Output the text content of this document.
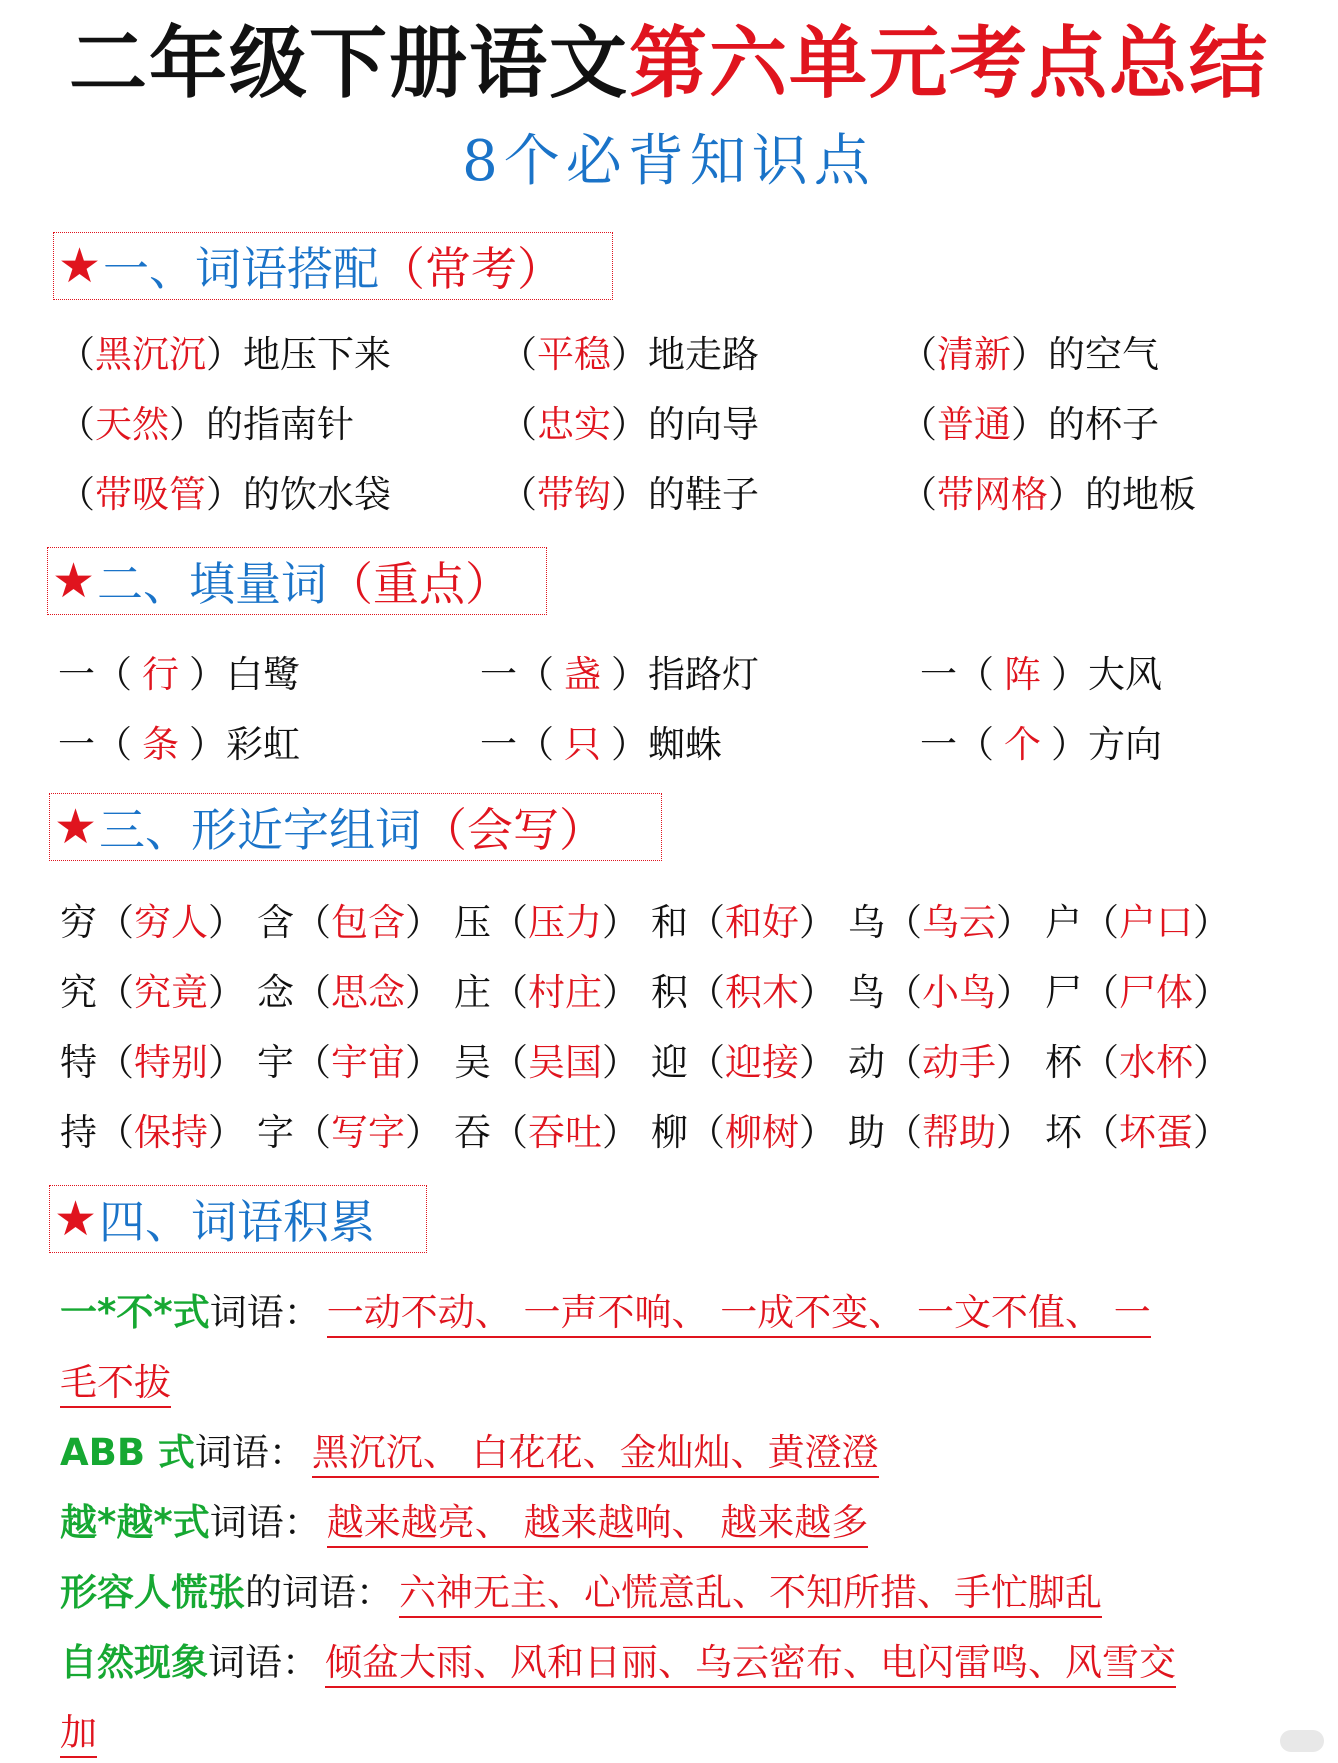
二年级下册语文第六单元考点总结
8个必背知识点
★ 一、词语搭配 （常考）
（黑沉沉）地压下来	（平稳）地走路	（清新）的空气
（天然）的指南针	（忠实）的向导	（普通）的杯子
（带吸管）的饮水袋	（带钩）的鞋子	（带网格）的地板
★ 二、填量词 （重点）
一（ 行 ）白鹭	一（ 盏 ）指路灯	一（ 阵 ）大风
一（ 条 ）彩虹	一（ 只 ）蜘蛛	一（ 个 ）方向
★ 三、形近字组词 （会写）
穷（穷人） 含（包含） 压（压力） 和（和好） 乌（乌云） 户（户口）
究（究竟） 念（思念） 庄（村庄） 积（积木） 鸟（小鸟） 尸（尸体）
特（特别） 宇（宇宙） 吴（吴国） 迎（迎接） 动（动手） 杯（水杯）
持（保持） 字（写字） 吞（吞吐） 柳（柳树） 助（帮助） 坏（坏蛋）
★ 四、词语积累
一*不*式词语： 一动不动、 一声不响、 一成不变、 一文不值、 一
毛不拔
ABB 式词语： 黑沉沉、 白花花、金灿灿、黄澄澄
越*越*式词语： 越来越亮、 越来越响、 越来越多
形容人慌张的词语： 六神无主、心慌意乱、不知所措、手忙脚乱
自然现象词语： 倾盆大雨、风和日丽、乌云密布、电闪雷鸣、风雪交
加
